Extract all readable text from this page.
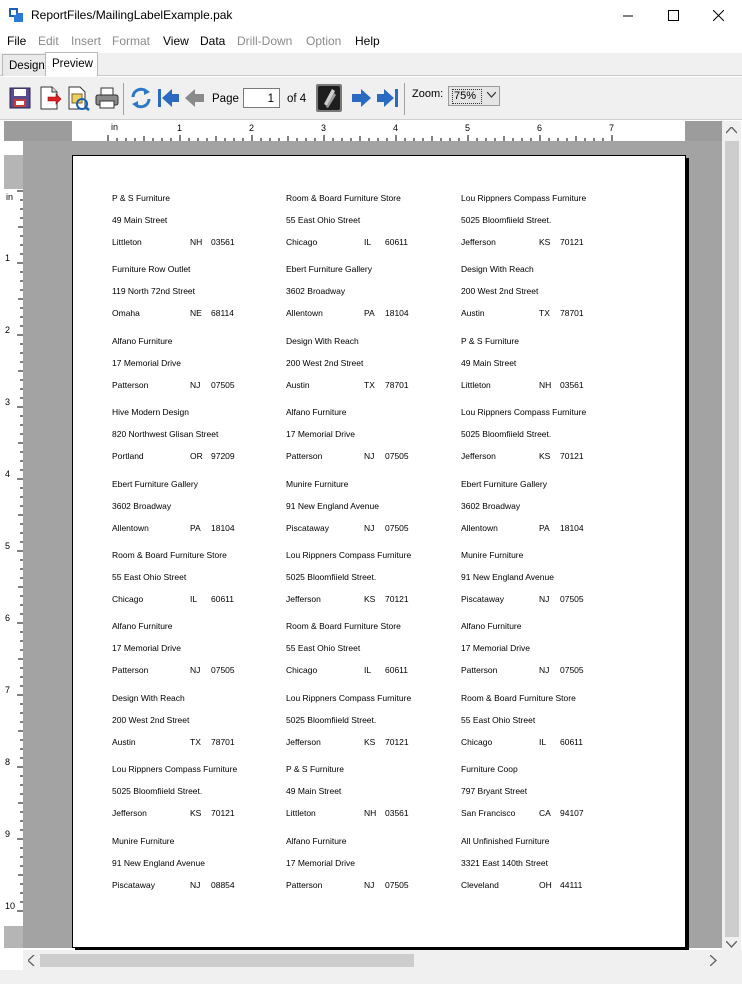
ReportFiles/MailingLabelExample.pak
File Edit Insert Format View Data Drill-Down Option Help
Design Preview
Page
1	of 4	Zoom: 75%
1	2	3	4	5	6	7
in
1
2
3
4
5
6
7
8
9
10
in	P & S Furniture
49 Main Street
Littleton	NH 03561
Room & Board Furniture Store
55 East Ohio Street
Chicago	IL 60611
Lou Rippners Compass Furniture
5025 Bloomfiield Street.
Jefferson	KS 70121
Furniture Row Outlet
119 North 72nd Street
Omaha	NE 68114
Ebert Furniture Gallery
3602 Broadway
Allentown	PA 18104
Design With Reach
200 West 2nd Street
Austin	TX 78701
Alfano Furniture
17 Memorial Drive
Patterson	NJ 07505
Design With Reach
200 West 2nd Street
Austin	TX 78701
P & S Furniture
49 Main Street
Littleton	NH 03561
Hive Modern Design
820 Northwest Glisan Street
Portland	OR 97209
Alfano Furniture
17 Memorial Drive
Patterson	NJ 07505
Lou Rippners Compass Furniture
5025 Bloomfiield Street.
Jefferson	KS 70121
Ebert Furniture Gallery
3602 Broadway
Allentown	PA 18104
Munire Furniture
91 New England Avenue
Piscataway	NJ 07505
Ebert Furniture Gallery
3602 Broadway
Allentown	PA 18104
Room & Board Furniture Store
55 East Ohio Street
Chicago	IL 60611
Lou Rippners Compass Furniture
5025 Bloomfiield Street.
Jefferson	KS 70121
Munire Furniture
91 New England Avenue
Piscataway	NJ 07505
Alfano Furniture
17 Memorial Drive
Patterson	NJ 07505
Room & Board Furniture Store
55 East Ohio Street
Chicago	IL 60611
Alfano Furniture
17 Memorial Drive
Patterson	NJ 07505
Design With Reach
200 West 2nd Street
Austin	TX 78701
Lou Rippners Compass Furniture
5025 Bloomfiield Street.
Jefferson	KS 70121
Room & Board Furniture Store
55 East Ohio Street
Chicago	IL 60611
Lou Rippners Compass Furniture
5025 Bloomfiield Street.
Jefferson	KS 70121
P & S Furniture
49 Main Street
Littleton	NH 03561
Furniture Coop
797 Bryant Street
San Francisco	CA 94107
Munire Furniture
91 New England Avenue
Piscataway	NJ 08854
Alfano Furniture
17 Memorial Drive
Patterson	NJ 07505
All Unfinished Furniture
3321 East 140th Street
Cleveland	OH 44111
